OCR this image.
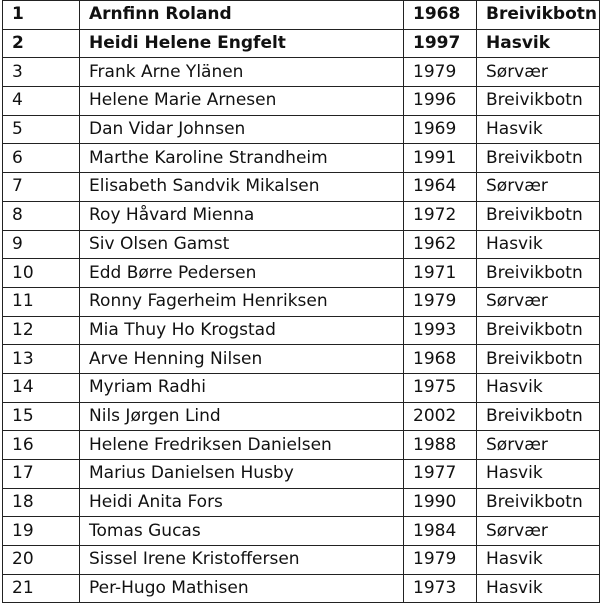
1	Arnfinn Roland	1968	Breivikbotn
2	Heidi Helene Engfelt	1997	Hasvik
3	Frank Arne Ylänen	1979	Sørvær
4	Helene Marie Arnesen	1996	Breivikbotn
5	Dan Vidar Johnsen	1969	Hasvik
6	Marthe Karoline Strandheim	1991	Breivikbotn
7	Elisabeth Sandvik Mikalsen	1964	Sørvær
8	Roy Håvard Mienna	1972	Breivikbotn
9	Siv Olsen Gamst	1962	Hasvik
10	Edd Børre Pedersen	1971	Breivikbotn
11	Ronny Fagerheim Henriksen	1979	Sørvær
12	Mia Thuy Ho Krogstad	1993	Breivikbotn
13	Arve Henning Nilsen	1968	Breivikbotn
14	Myriam Radhi	1975	Hasvik
15	Nils Jørgen Lind	2002	Breivikbotn
16	Helene Fredriksen Danielsen	1988	Sørvær
17	Marius Danielsen Husby	1977	Hasvik
18	Heidi Anita Fors	1990	Breivikbotn
19	Tomas Gucas	1984	Sørvær
20	Sissel Irene Kristoffersen	1979	Hasvik
21	Per-Hugo Mathisen	1973	Hasvik
